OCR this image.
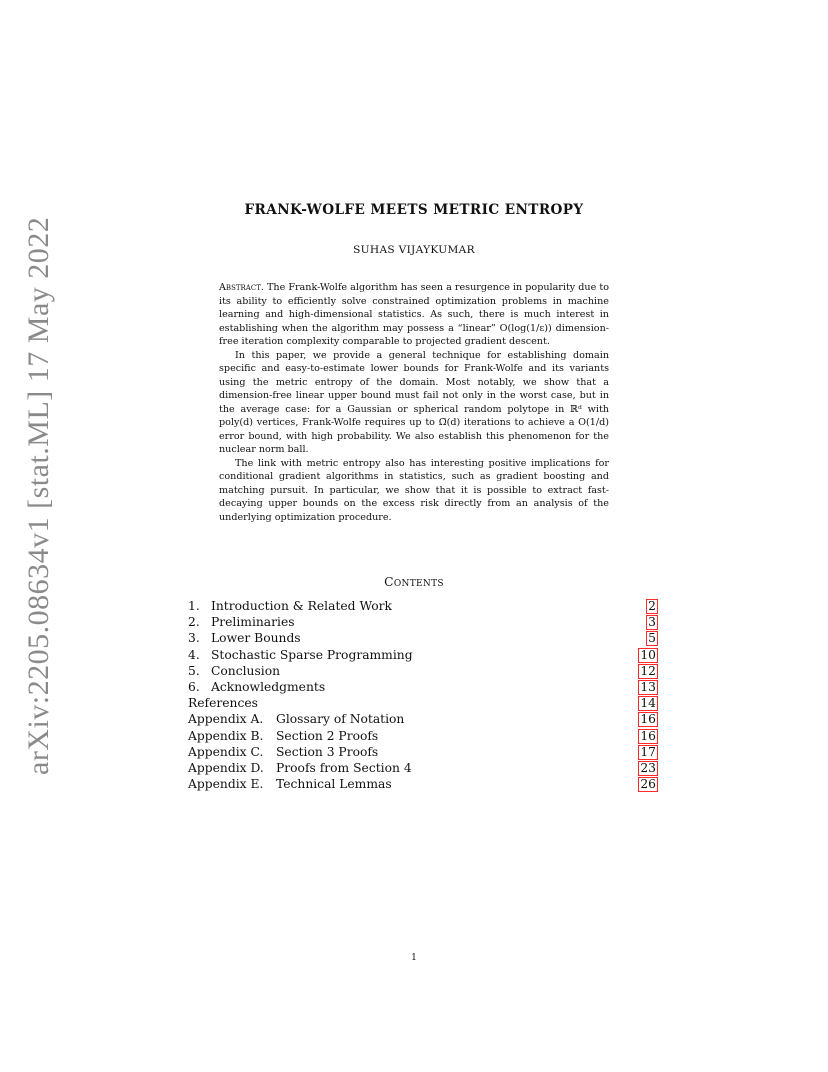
arXiv:2205.08634v1 [stat.ML] 17 May 2022
FRANK-WOLFE MEETS METRIC ENTROPY
SUHAS VIJAYKUMAR

Abstract. The Frank-Wolfe algorithm has seen a resurgence in popularity due to its ability to efficiently solve constrained optimization problems in machine learning and high-dimensional statistics. As such, there is much interest in establishing when the algorithm may possess a “linear” O(log(1/ε)) dimension-free iteration complexity comparable to projected gradient descent.

In this paper, we provide a general technique for establishing domain specific and easy-to-estimate lower bounds for Frank-Wolfe and its variants using the metric entropy of the domain. Most notably, we show that a dimension-free linear upper bound must fail not only in the worst case, but in the average case: for a Gaussian or spherical random polytope in ℝᵈ with poly(d) vertices, Frank-Wolfe requires up to Ω̃(d) iterations to achieve a O(1/d) error bound, with high probability. We also establish this phenomenon for the nuclear norm ball.

The link with metric entropy also has interesting positive implications for conditional gradient algorithms in statistics, such as gradient boosting and matching pursuit. In particular, we show that it is possible to extract fast-decaying upper bounds on the excess risk directly from an analysis of the underlying optimization procedure.

Contents
1. Introduction & Related Work	2
2. Preliminaries	3
3. Lower Bounds	5
4. Stochastic Sparse Programming	10
5. Conclusion	12
6. Acknowledgments	13
References	14
Appendix A. Glossary of Notation	16
Appendix B. Section 2 Proofs	16
Appendix C. Section 3 Proofs	17
Appendix D. Proofs from Section 4	23
Appendix E. Technical Lemmas	26
1
